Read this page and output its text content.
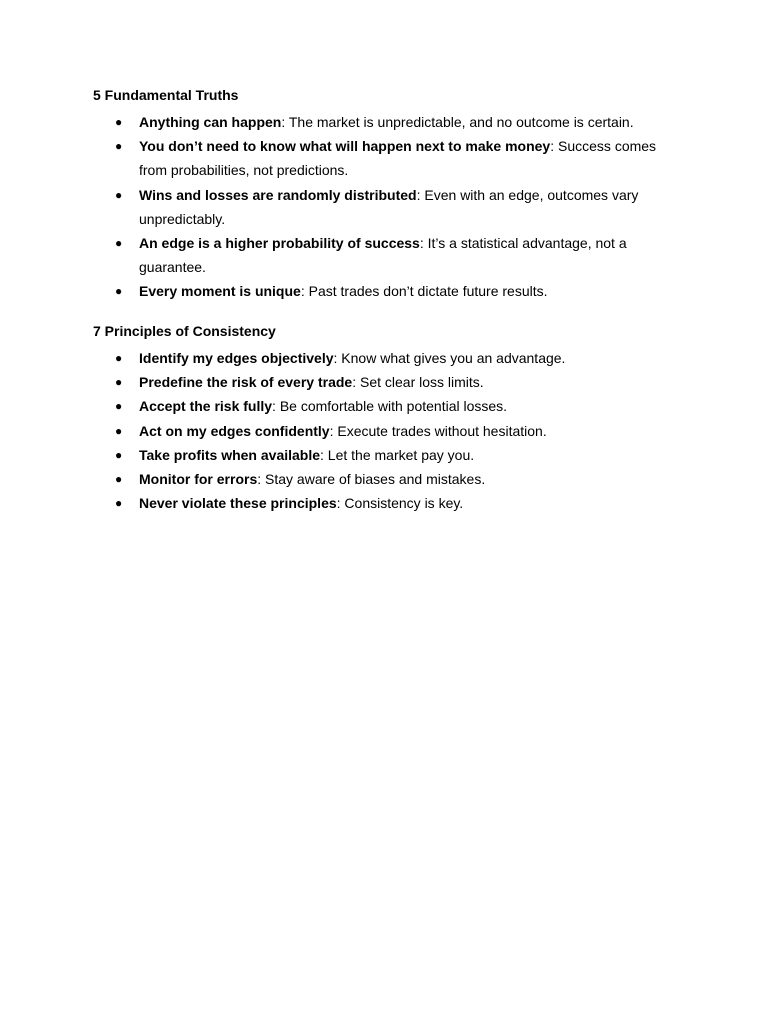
5 Fundamental Truths
● Anything can happen: The market is unpredictable, and no outcome is certain.
● You don’t need to know what will happen next to make money: Success comes from probabilities, not predictions.
● Wins and losses are randomly distributed: Even with an edge, outcomes vary unpredictably.
● An edge is a higher probability of success: It’s a statistical advantage, not a guarantee.
● Every moment is unique: Past trades don’t dictate future results.
7 Principles of Consistency
● Identify my edges objectively: Know what gives you an advantage.
● Predefine the risk of every trade: Set clear loss limits.
● Accept the risk fully: Be comfortable with potential losses.
● Act on my edges confidently: Execute trades without hesitation.
● Take profits when available: Let the market pay you.
● Monitor for errors: Stay aware of biases and mistakes.
● Never violate these principles: Consistency is key.
